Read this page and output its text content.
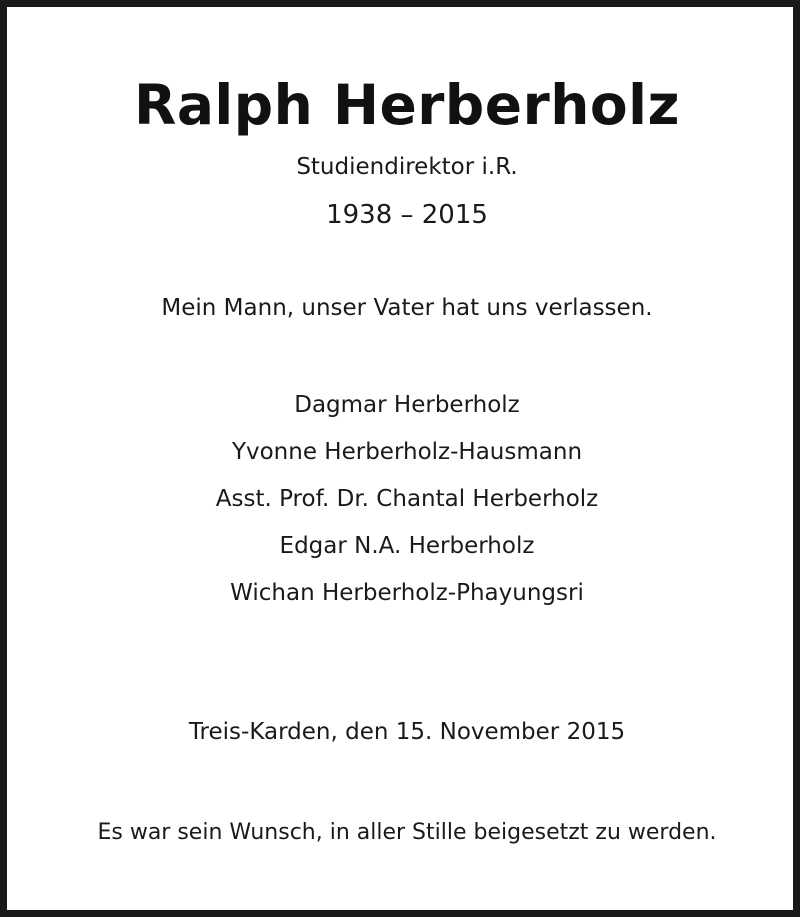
Ralph Herberholz

Studiendirektor i.R.

1938 – 2015

Mein Mann, unser Vater hat uns verlassen.

Dagmar Herberholz
Yvonne Herberholz-Hausmann
Asst. Prof. Dr. Chantal Herberholz
Edgar N.A. Herberholz
Wichan Herberholz-Phayungsri

Treis-Karden, den 15. November 2015

Es war sein Wunsch, in aller Stille beigesetzt zu werden.
